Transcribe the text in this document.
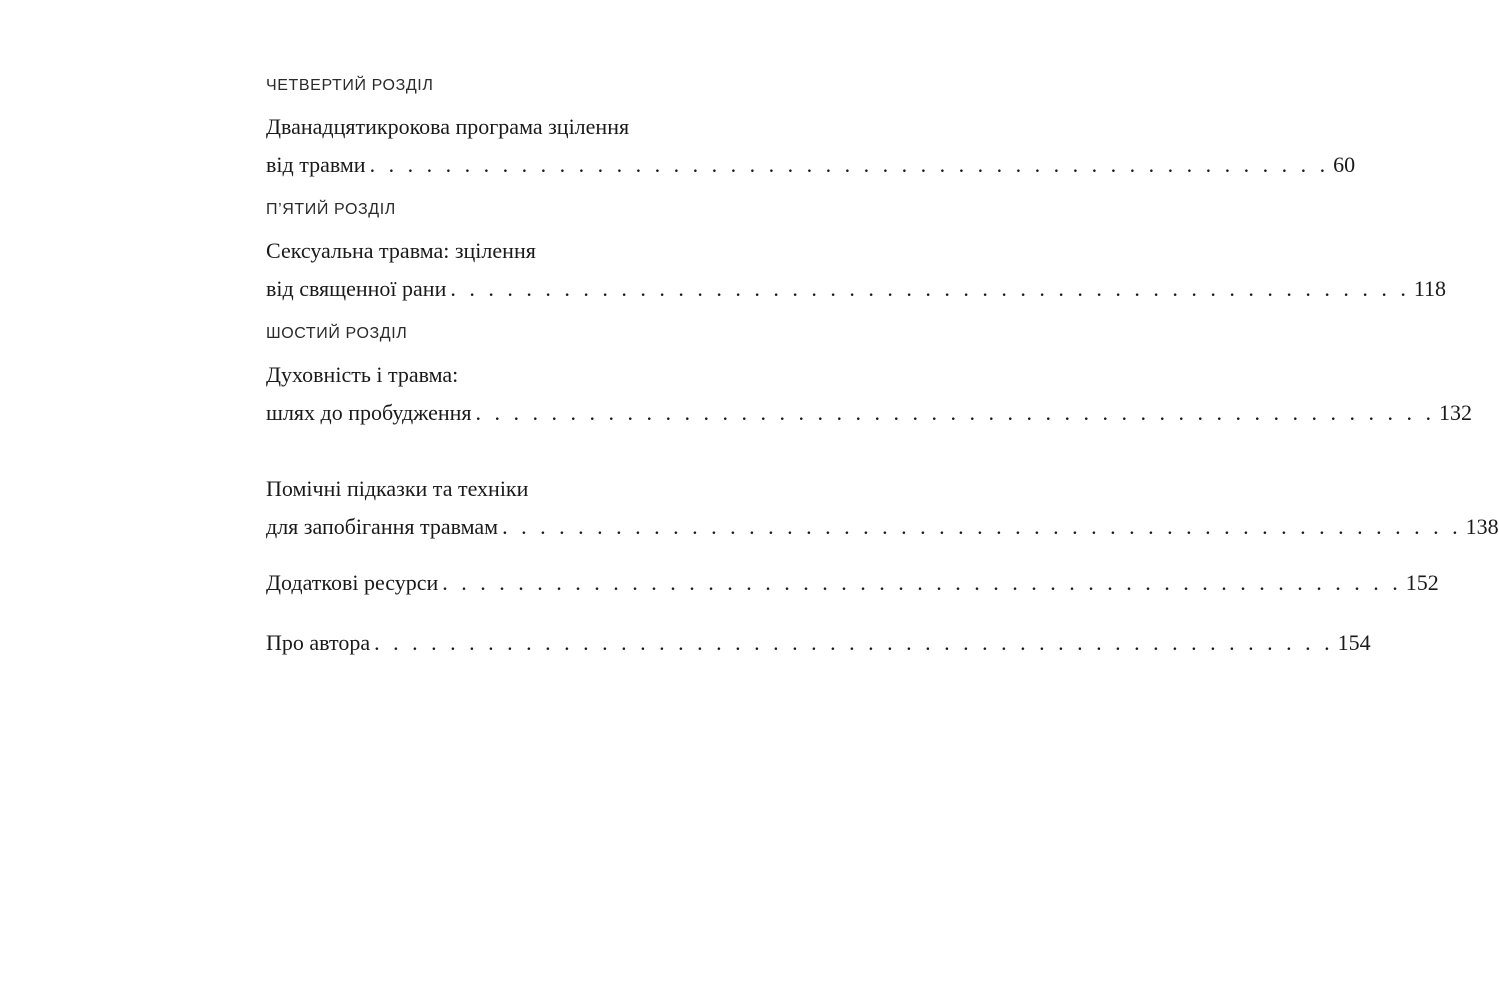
ЧЕТВЕРТИЙ РОЗДІЛ
Дванадцятикрокова програма зцілення
від травми . . . . . . . . . . . . . . . . . . . . . . . . . . . . . . . . . . . . . . . . . . . . . . . . . . . 60
П’ЯТИЙ РОЗДІЛ
Сексуальна травма: зцілення
від священної рани . . . . . . . . . . . . . . . . . . . . . . . . . . . . . . . . . . . . . . . . . . . . . . . . . . . 118
ШОСТИЙ РОЗДІЛ
Духовність і травма:
шлях до пробудження . . . . . . . . . . . . . . . . . . . . . . . . . . . . . . . . . . . . . . . . . . . . . . . . . . . 132
Помічні підказки та техніки
для запобігання травмам . . . . . . . . . . . . . . . . . . . . . . . . . . . . . . . . . . . . . . . . . . . . . . . . . . . 138
Додаткові ресурси . . . . . . . . . . . . . . . . . . . . . . . . . . . . . . . . . . . . . . . . . . . . . . . . . . . 152
Про автора . . . . . . . . . . . . . . . . . . . . . . . . . . . . . . . . . . . . . . . . . . . . . . . . . . . 154
